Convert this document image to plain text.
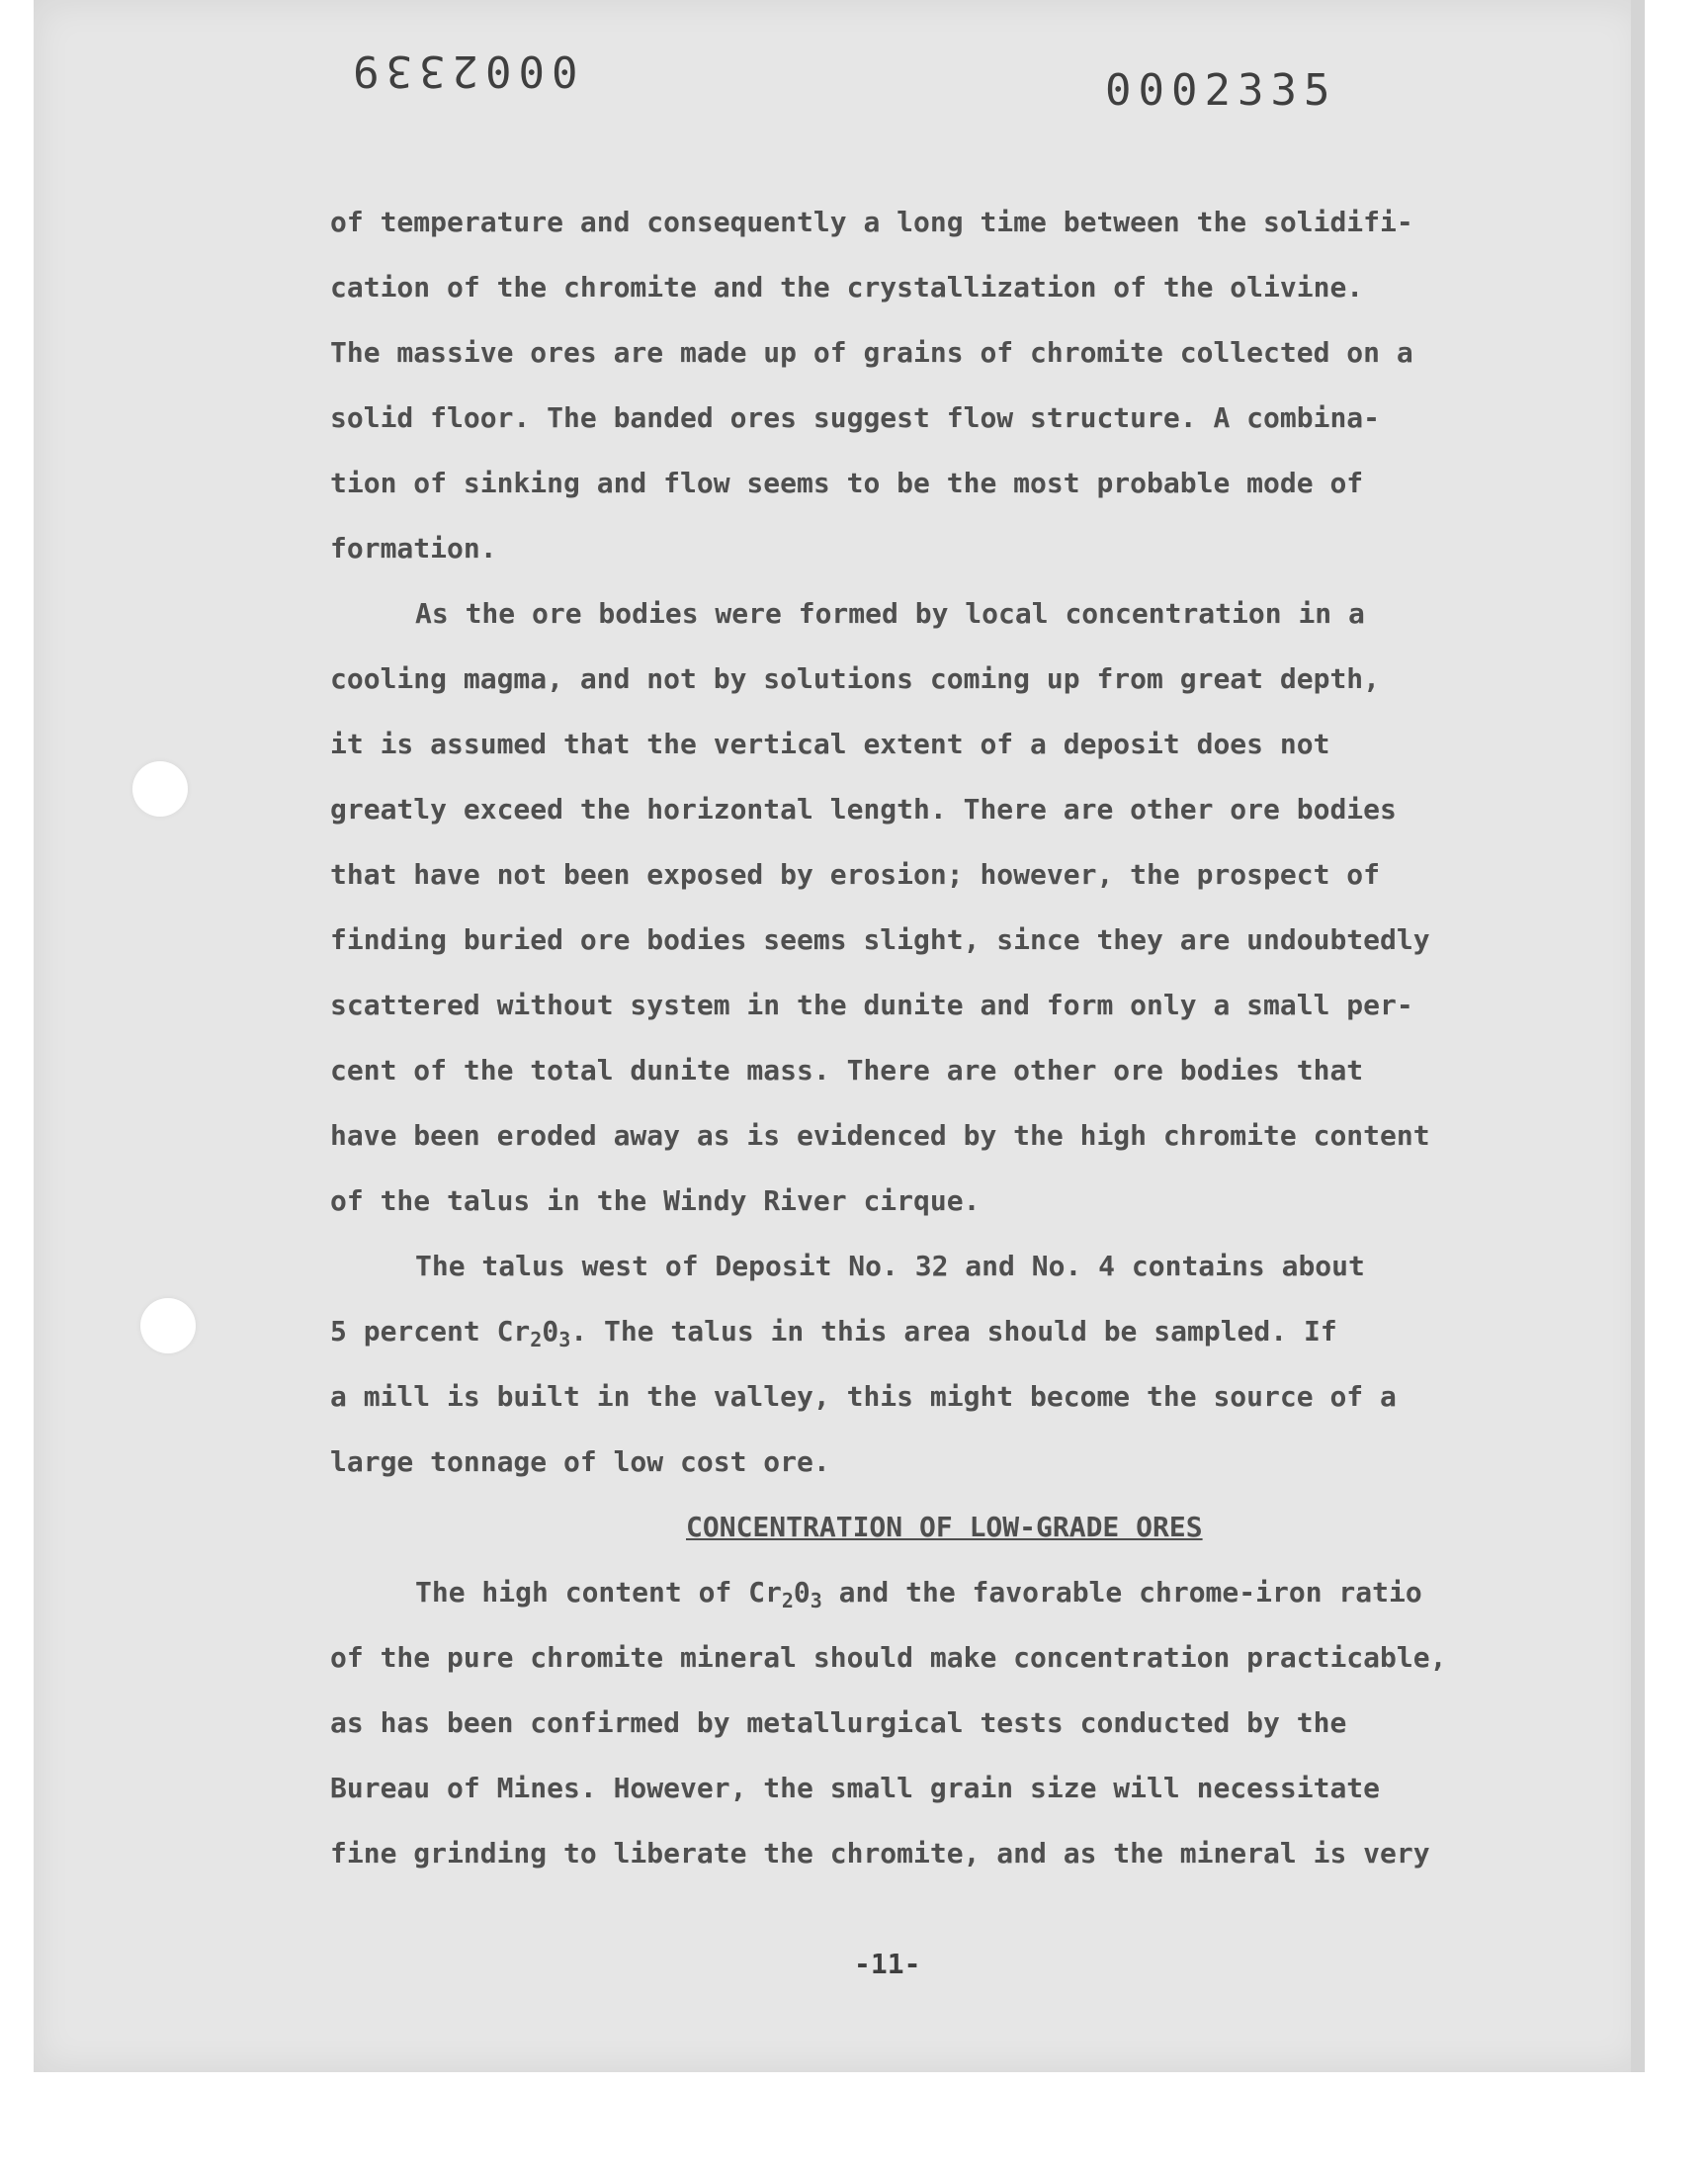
0002339	0002335
of temperature and consequently a long time between the solidifi-
cation of the chromite and the crystallization of the olivine.
The massive ores are made up of grains of chromite collected on a
solid floor. The banded ores suggest flow structure. A combina-
tion of sinking and flow seems to be the most probable mode of
formation.
As the ore bodies were formed by local concentration in a
cooling magma, and not by solutions coming up from great depth,
it is assumed that the vertical extent of a deposit does not
greatly exceed the horizontal length. There are other ore bodies
that have not been exposed by erosion; however, the prospect of
finding buried ore bodies seems slight, since they are undoubtedly
scattered without system in the dunite and form only a small per-
cent of the total dunite mass. There are other ore bodies that
have been eroded away as is evidenced by the high chromite content
of the talus in the Windy River cirque.
The talus west of Deposit No. 32 and No. 4 contains about
5 percent $Cr_20_3$. The talus in this area should be sampled. If
a mill is built in the valley, this might become the source of a
large tonnage of low cost ore.
CONCENTRATION OF LOW-GRADE ORES
The high content of $Cr_20_3$ and the favorable chrome-iron ratio
of the pure chromite mineral should make concentration practicable,
as has been confirmed by metallurgical tests conducted by the
Bureau of Mines. However, the small grain size will necessitate
fine grinding to liberate the chromite, and as the mineral is very
-11-
